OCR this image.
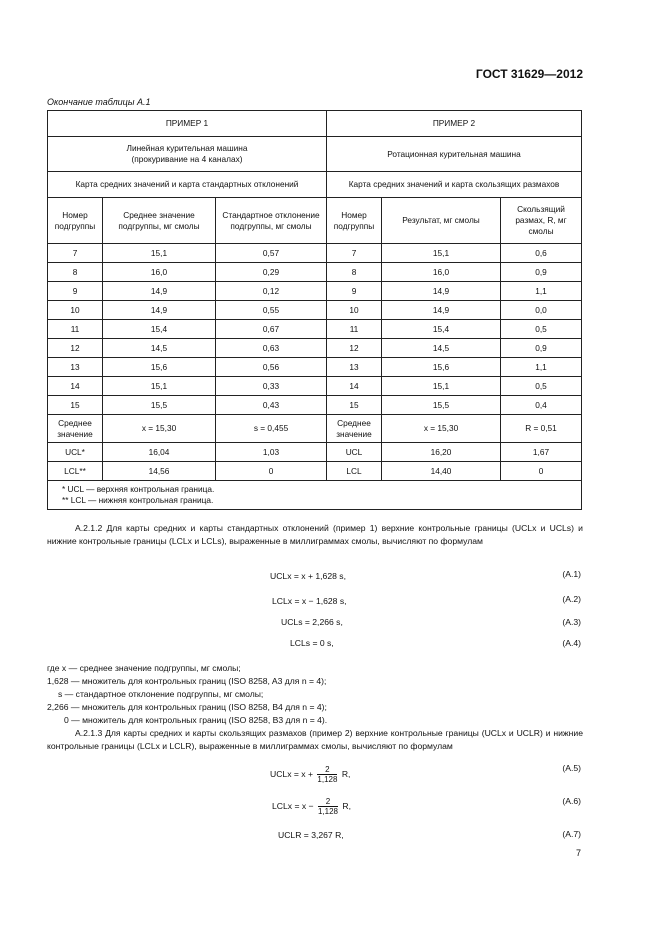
ГОСТ 31629—2012
Окончание таблицы А.1
ПРИМЕР 1			ПРИМЕР 2		
Линейная курительная машина (прокуривание на 4 каналах)			Ротационная курительная машина		
Карта средних значений и карта стандартных отклонений			Карта средних значений и карта скользящих размахов		
Номер подгруппы	Среднее значение подгруппы, мг смолы	Стандартное отклонение подгруппы, мг смолы	Номер подгруппы	Результат, мг смолы	Скользящий размах, R, мг смолы
7	15,1	0,57	7	15,1	0,6
8	16,0	0,29	8	16,0	0,9
9	14,9	0,12	9	14,9	1,1
10	14,9	0,55	10	14,9	0,0
11	15,4	0,67	11	15,4	0,5
12	14,5	0,63	12	14,5	0,9
13	15,6	0,56	13	15,6	1,1
14	15,1	0,33	14	15,1	0,5
15	15,5	0,43	15	15,5	0,4
Среднее значение	x = 15,30	s = 0,455	Среднее значение	x = 15,30	R = 0,51
UCL*	16,04	1,03	UCL	16,20	1,67
LCL**	14,56	0	LCL	14,40	0

* UCL — верхняя контрольная граница.
** LCL — нижняя контрольная граница.					
А.2.1.2 Для карты средних и карты стандартных отклонений (пример 1) верхние контрольные границы (UCLx и UCLs) и нижние контрольные границы (LCLx и LCLs), выраженные в миллиграммах смолы, вычисляют по формулам
UCLx = x + 1,628 s,	(А.1)
LCLx = x − 1,628 s,	(А.2)
UCLs = 2,266 s,	(А.3)
LCLs = 0 s,	(А.4)
где x — среднее значение подгруппы, мг смолы;
1,628 — множитель для контрольных границ (ISO 8258, A3 для n = 4);
s — стандартное отклонение подгруппы, мг смолы;
2,266 — множитель для контрольных границ (ISO 8258, B4 для n = 4);
0 — множитель для контрольных границ (ISO 8258, B3 для n = 4).
А.2.1.3 Для карты средних и карты скользящих размахов (пример 2) верхние контрольные границы (UCLx и UCLR) и нижние контрольные границы (LCLx и LCLR), выраженные в миллиграммах смолы, вычисляют по формулам
UCLx = $x + \frac{2}{1,128} R$,
(А.5)
LCLx = $x - \frac{2}{1,128} R$,	(А.6)
UCLR = 3,267 R,	(А.7)
7
